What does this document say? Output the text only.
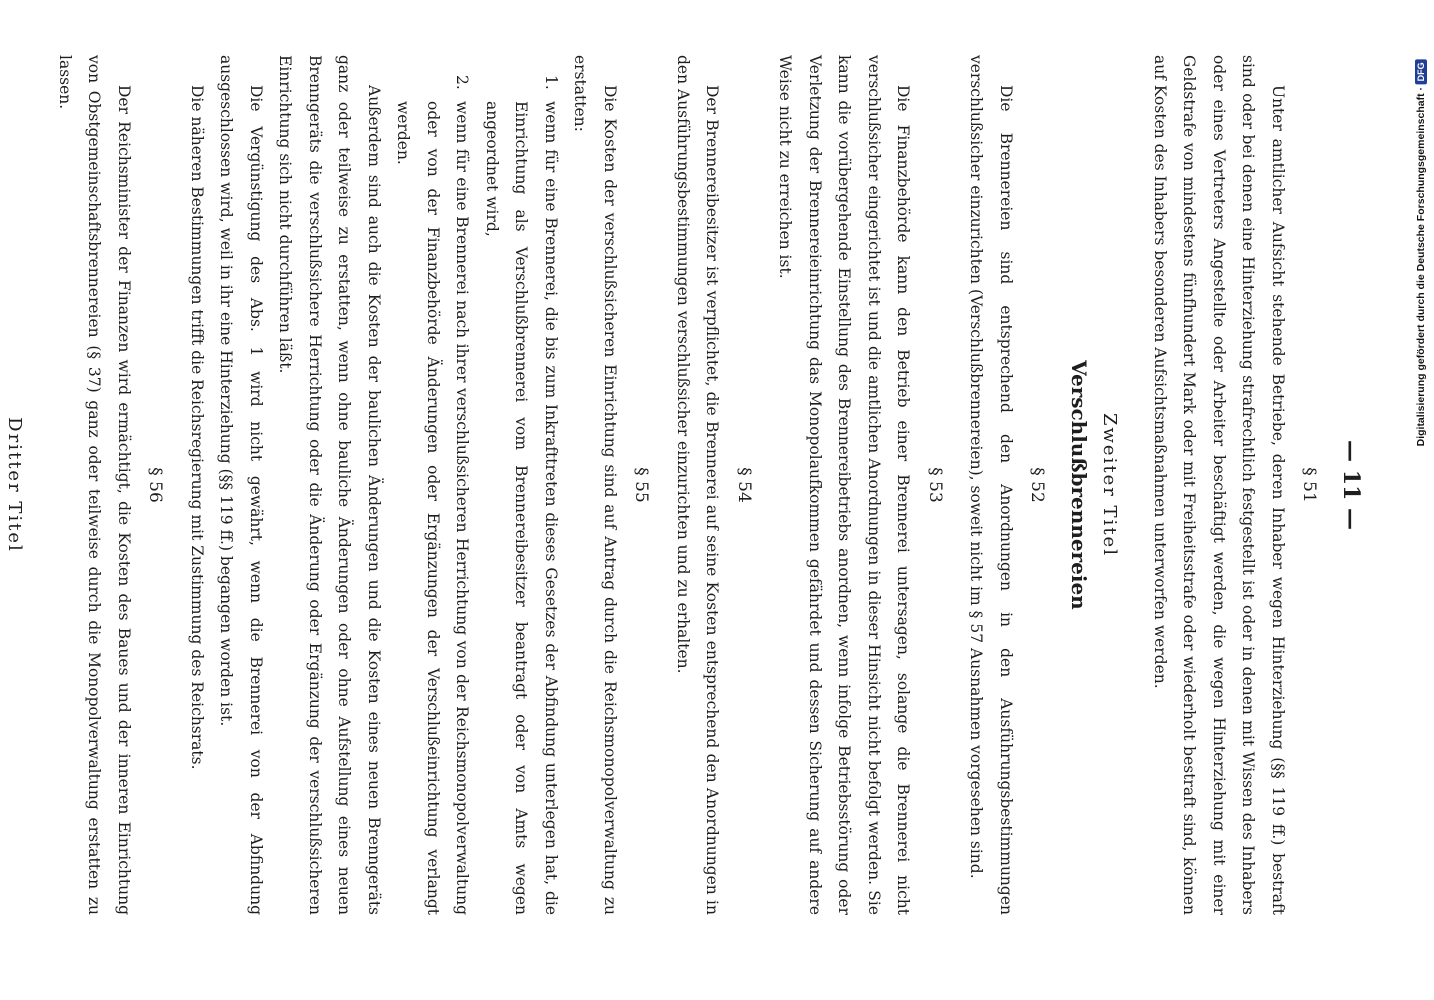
— 11 —
§ 51

Unter amtlicher Aufsicht stehende Betriebe, deren Inhaber wegen Hinterziehung (§§ 119 ff.) bestraft sind oder bei denen eine Hinterziehung strafrechtlich festgestellt ist oder in denen mit Wissen des Inhabers oder eines Vertreters Angestellte oder Arbeiter beschäftigt werden, die wegen Hinterziehung mit einer Geldstrafe von mindestens fünfhundert Mark oder mit Freiheitsstrafe oder wiederholt bestraft sind, können auf Kosten des Inhabers besonderen Aufsichtsmaßnahmen unterworfen werden.

Zweiter Titel
Verschlußbrennereien
§ 52

Die Brennereien sind entsprechend den Anordnungen in den Ausführungsbestimmungen verschlußsicher einzurichten (Verschlußbrennereien), soweit nicht im § 57 Ausnahmen vorgesehen sind.

§ 53

Die Finanzbehörde kann den Betrieb einer Brennerei untersagen, solange die Brennerei nicht verschlußsicher eingerichtet ist und die amtlichen Anordnungen in dieser Hinsicht nicht befolgt werden. Sie kann die vorübergehende Einstellung des Brennereibetriebs anordnen, wenn infolge Betriebsstörung oder Verletzung der Brennereieinrichtung das Monopolaufkommen gefährdet und dessen Sicherung auf andere Weise nicht zu erreichen ist.

§ 54

Der Brennereibesitzer ist verpflichtet, die Brennerei auf seine Kosten entsprechend den Anordnungen in den Ausführungsbestimmungen verschlußsicher einzurichten und zu erhalten.

§ 55

Die Kosten der verschlußsicheren Einrichtung sind auf Antrag durch die Reichsmonopolverwaltung zu erstatten:

1.wenn für eine Brennerei, die bis zum Inkrafttreten dieses Gesetzes der Abfindung unterlegen hat, die Einrichtung als Verschlußbrennerei vom Brennereibesitzer beantragt oder von Amts wegen angeordnet wird,
2.wenn für eine Brennerei nach ihrer verschlußsicheren Herrichtung von der Reichsmonopolverwaltung oder von der Finanzbehörde Änderungen oder Ergänzungen der Verschlußeinrichtung verlangt werden.

Außerdem sind auch die Kosten der baulichen Änderungen und die Kosten eines neuen Brenngeräts ganz oder teilweise zu erstatten, wenn ohne bauliche Änderungen oder ohne Aufstellung eines neuen Brenngeräts die verschlußsichere Herrichtung oder die Änderung oder Ergänzung der verschlußsicheren Einrichtung sich nicht durchführen läßt.

Die Vergünstigung des Abs. 1 wird nicht gewährt, wenn die Brennerei von der Abfindung ausgeschlossen wird, weil in ihr eine Hinterziehung (§§ 119 ff.) begangen worden ist.

Die näheren Bestimmungen trifft die Reichsregierung mit Zustimmung des Reichsrats.

§ 56

Der Reichsminister der Finanzen wird ermächtigt, die Kosten des Baues und der inneren Einrichtung von Obstgemeinschaftsbrennereien (§ 37) ganz oder teilweise durch die Monopolverwaltung erstatten zu lassen.

Dritter Titel

Digitalisierung gefördert durch die Deutsche Forschungsgemeinschaft ·
DFG
